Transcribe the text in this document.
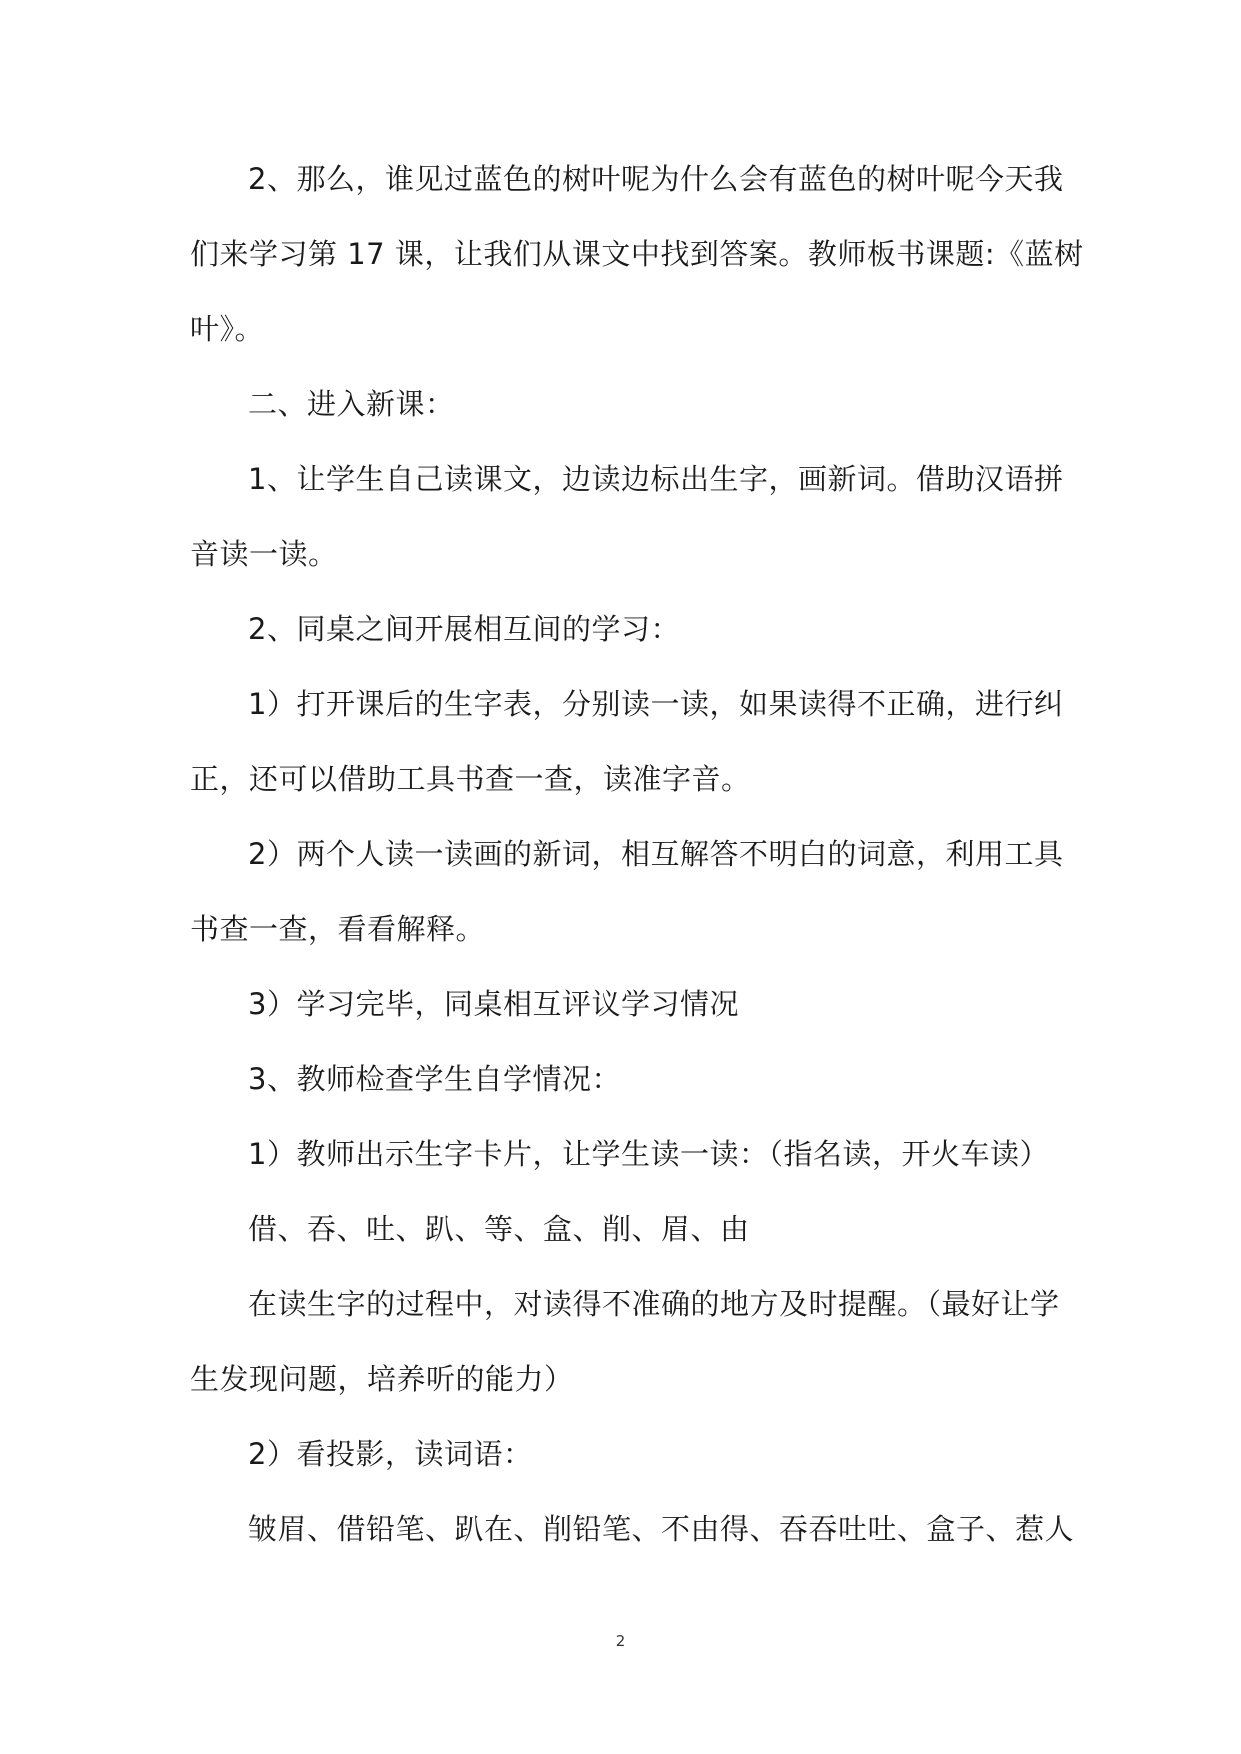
2、那么，谁见过蓝色的树叶呢为什么会有蓝色的树叶呢今天我
们来学习第 17 课，让我们从课文中找到答案。教师板书课题:《蓝树
叶》。
二、进入新课：
1、让学生自己读课文，边读边标出生字，画新词。借助汉语拼
音读一读。
2、同桌之间开展相互间的学习：
1）打开课后的生字表，分别读一读，如果读得不正确，进行纠
正，还可以借助工具书查一查，读准字音。
2）两个人读一读画的新词，相互解答不明白的词意，利用工具
书查一查，看看解释。
3）学习完毕，同桌相互评议学习情况
3、教师检查学生自学情况：
1）教师出示生字卡片，让学生读一读：（指名读，开火车读）
借、吞、吐、趴、等、盒、削、眉、由
在读生字的过程中，对读得不准确的地方及时提醒。（最好让学
生发现问题，培养听的能力）
2）看投影，读词语：
皱眉、借铅笔、趴在、削铅笔、不由得、吞吞吐吐、盒子、惹人
2
